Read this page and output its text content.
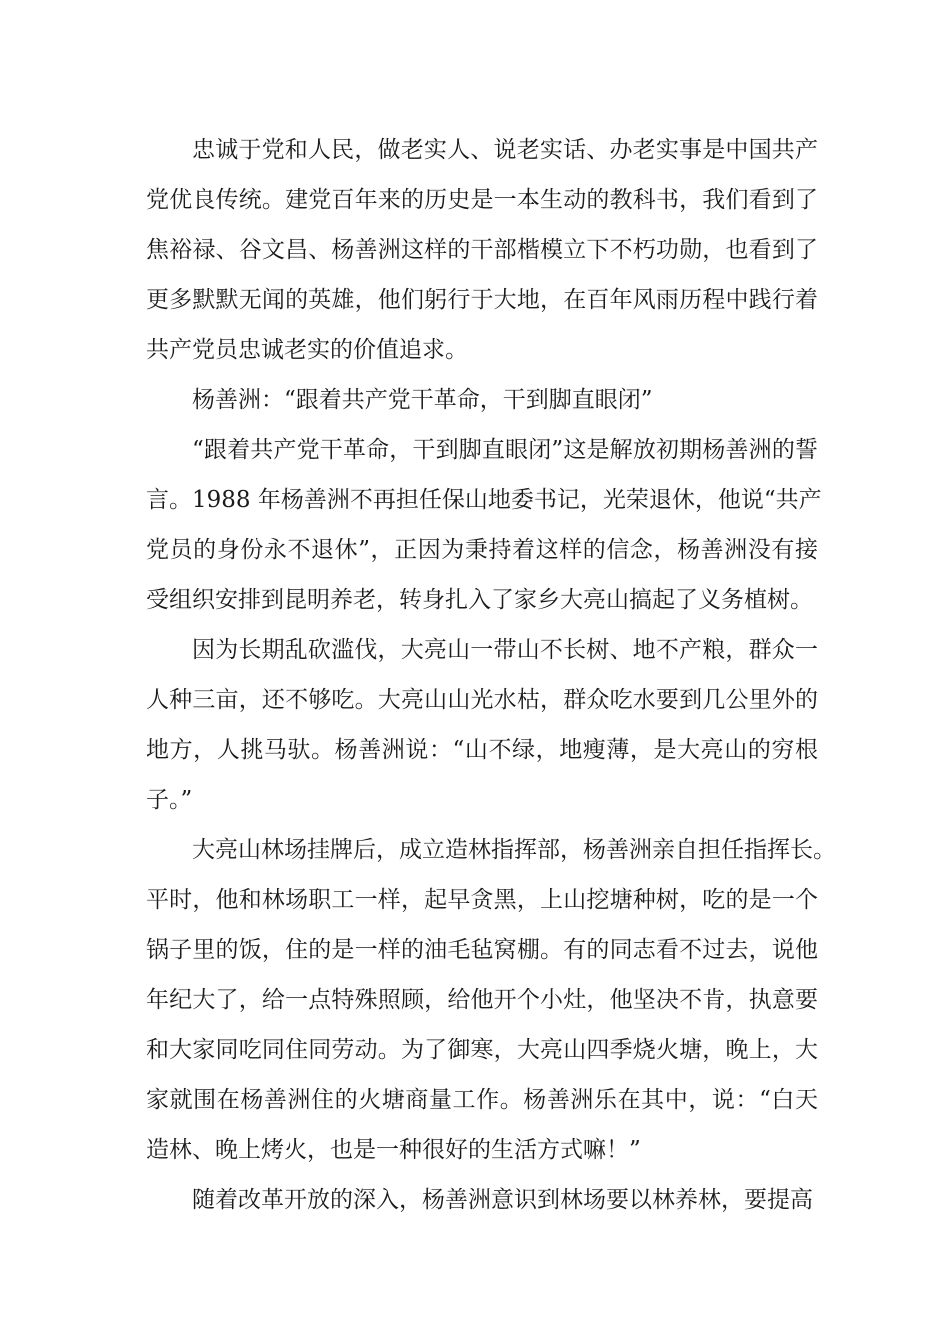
忠诚于党和人民，做老实人、说老实话、办老实事是中国共产
党优良传统。建党百年来的历史是一本生动的教科书，我们看到了
焦裕禄、谷文昌、杨善洲这样的干部楷模立下不朽功勋，也看到了
更多默默无闻的英雄，他们躬行于大地，在百年风雨历程中践行着
共产党员忠诚老实的价值追求。
杨善洲：“跟着共产党干革命，干到脚直眼闭”
“跟着共产党干革命，干到脚直眼闭”这是解放初期杨善洲的誓
言。1988 年杨善洲不再担任保山地委书记，光荣退休，他说“共产
党员的身份永不退休”，正因为秉持着这样的信念，杨善洲没有接
受组织安排到昆明养老，转身扎入了家乡大亮山搞起了义务植树。
因为长期乱砍滥伐，大亮山一带山不长树、地不产粮，群众一
人种三亩，还不够吃。大亮山山光水枯，群众吃水要到几公里外的
地方，人挑马驮。杨善洲说：“山不绿，地瘦薄，是大亮山的穷根
子。”
大亮山林场挂牌后，成立造林指挥部，杨善洲亲自担任指挥长。
平时，他和林场职工一样，起早贪黑，上山挖塘种树，吃的是一个
锅子里的饭，住的是一样的油毛毡窝棚。有的同志看不过去，说他
年纪大了，给一点特殊照顾，给他开个小灶，他坚决不肯，执意要
和大家同吃同住同劳动。为了御寒，大亮山四季烧火塘，晚上，大
家就围在杨善洲住的火塘商量工作。杨善洲乐在其中，说：“白天
造林、晚上烤火，也是一种很好的生活方式嘛！”
随着改革开放的深入，杨善洲意识到林场要以林养林，要提高
